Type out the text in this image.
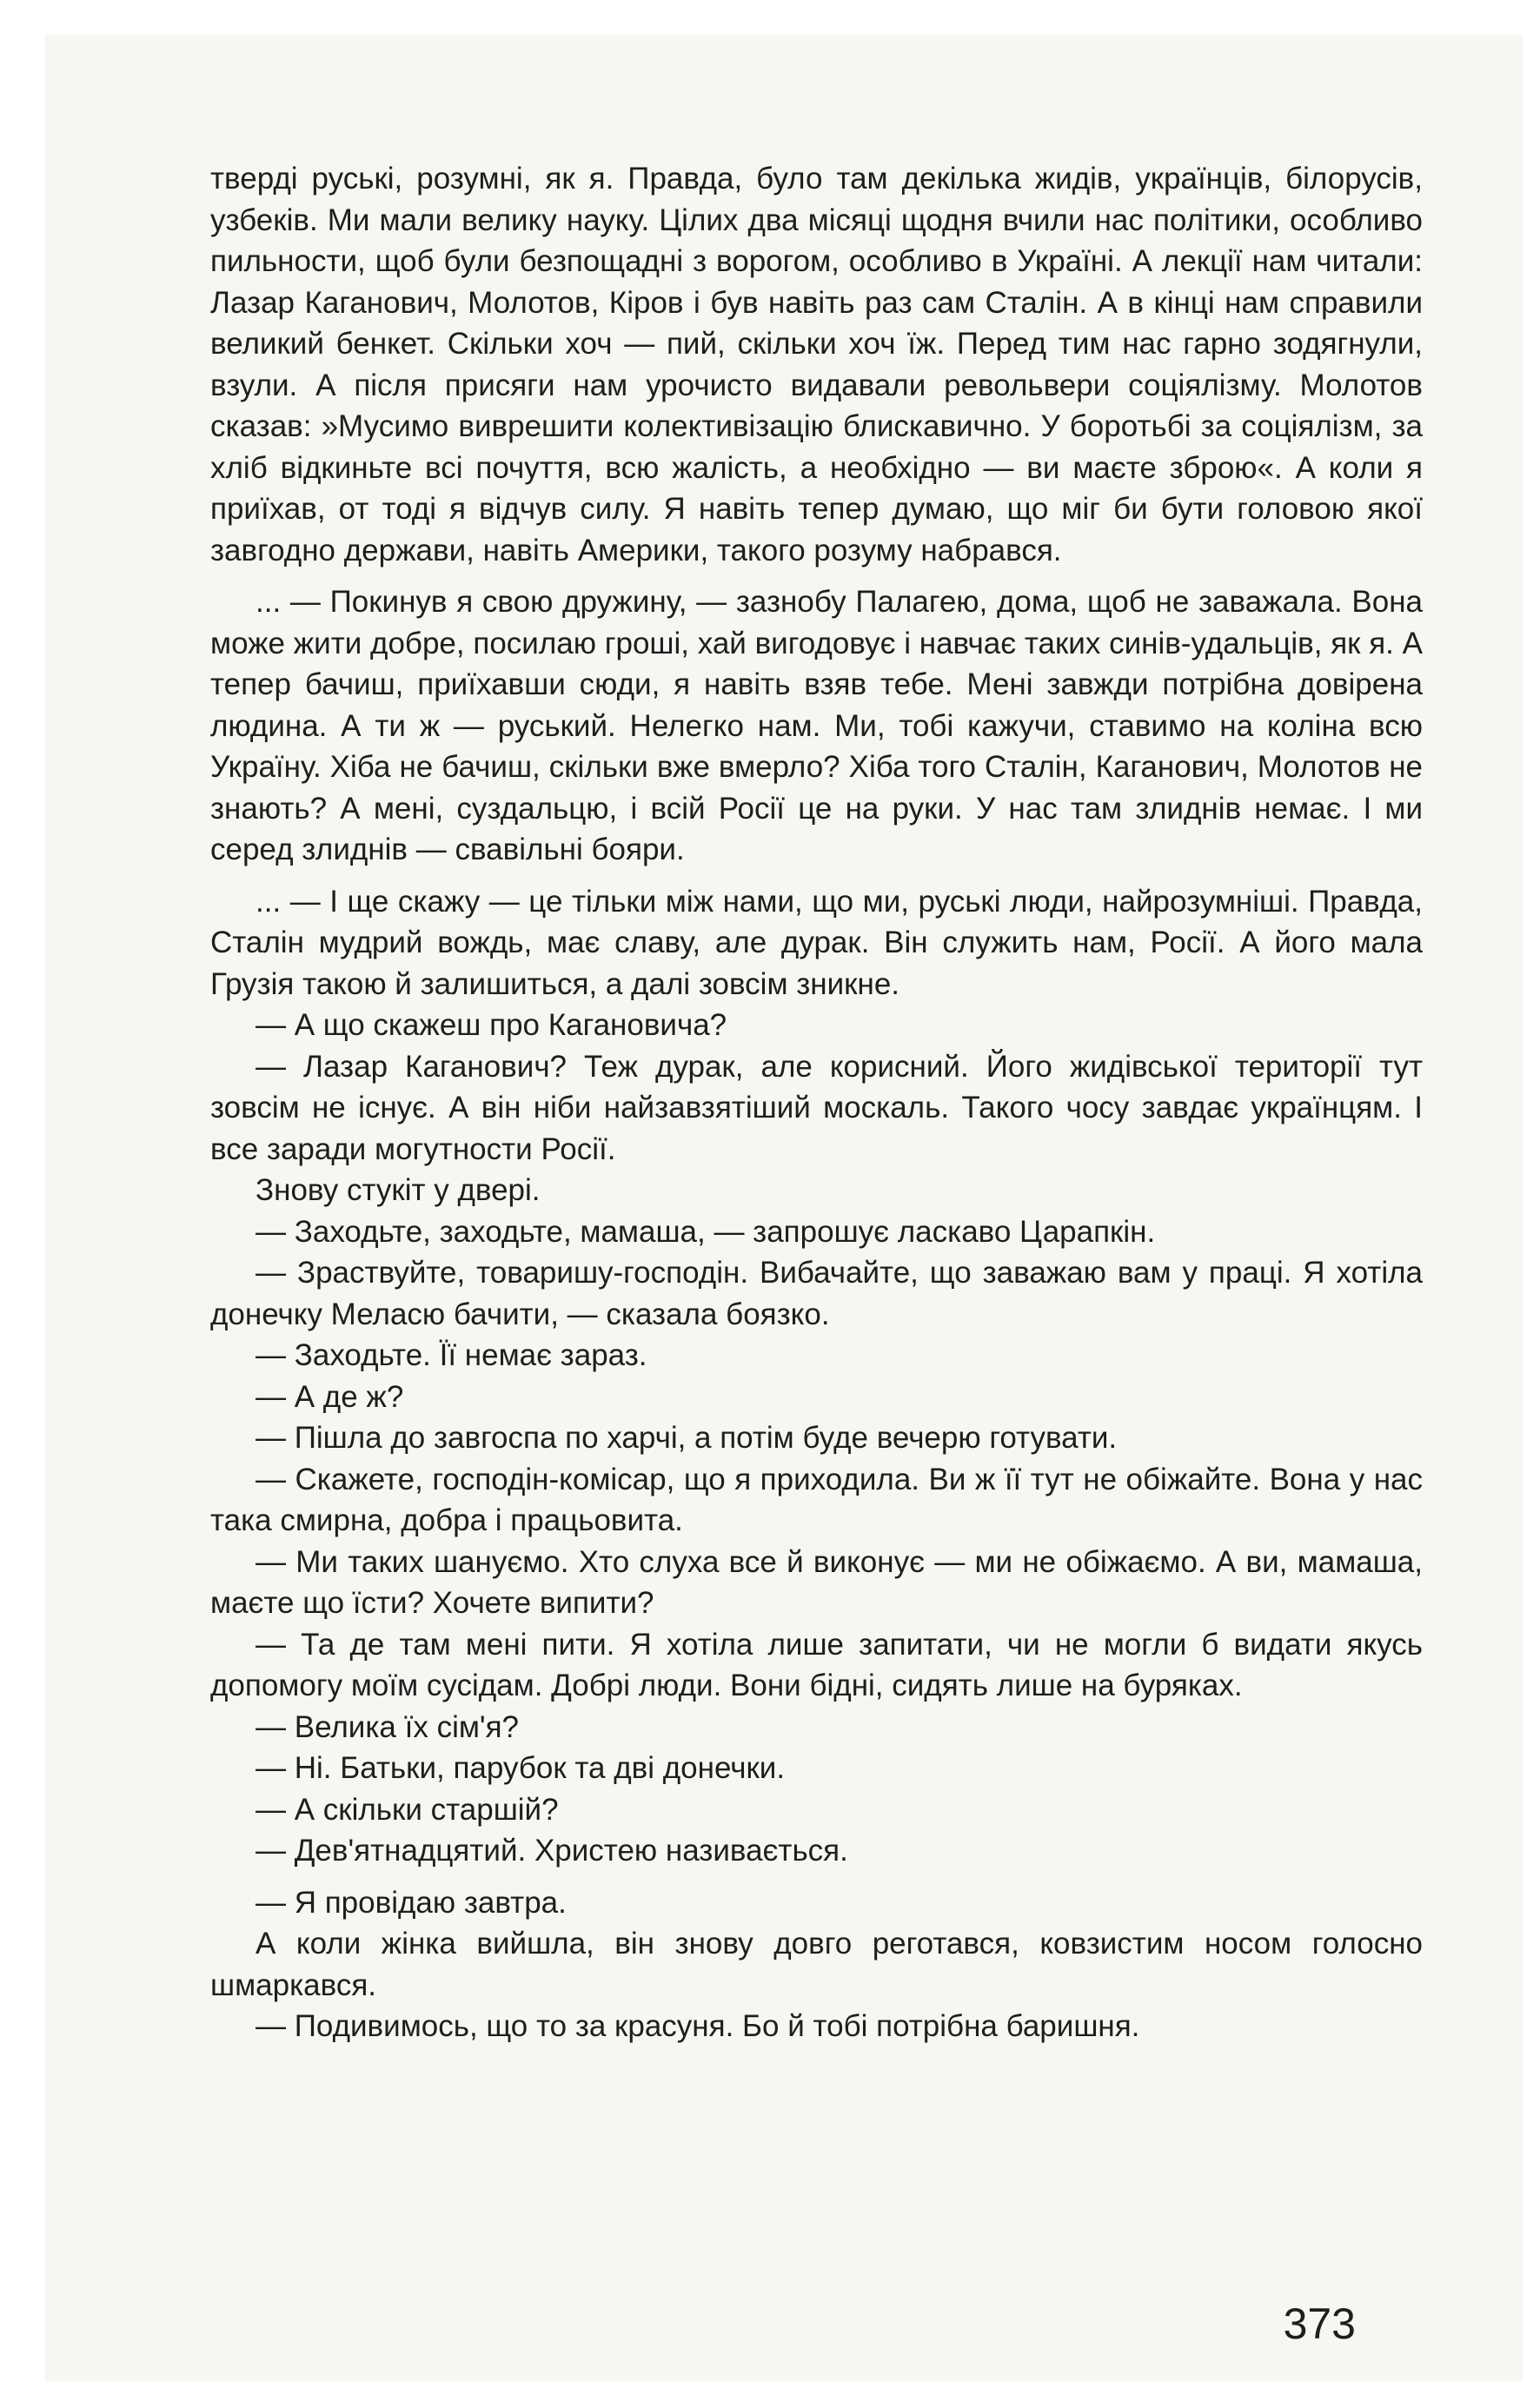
тверді руські, розумні, як я. Правда, було там декілька жидів, українців, білорусів, узбеків. Ми мали велику науку. Цілих два місяці щодня вчили нас політики, особливо пильности, щоб були безпощадні з ворогом, особливо в Україні. А лекції нам читали: Лазар Каганович, Молотов, Кіров і був навіть раз сам Сталін. А в кінці нам справили великий бенкет. Скільки хоч — пий, скільки хоч їж. Перед тим нас гарно зодягнули, взули. А після присяги нам урочисто видавали револьвери соціялізму. Молотов сказав: »Мусимо виврешити колективізацію блискавично. У боротьбі за соціялізм, за хліб відкиньте всі почуття, всю жалість, а необхідно — ви маєте зброю«. А коли я приїхав, от тоді я відчув силу. Я навіть тепер думаю, що міг би бути головою якої завгодно держави, навіть Америки, такого розуму набрався.

... — Покинув я свою дружину, — зазнобу Палагею, дома, щоб не заважала. Вона може жити добре, посилаю гроші, хай вигодовує і навчає таких синів-удальців, як я. А тепер бачиш, приїхавши сюди, я навіть взяв тебе. Мені завжди потрібна довірена людина. А ти ж — руський. Нелегко нам. Ми, тобі кажучи, ставимо на коліна всю Україну. Хіба не бачиш, скільки вже вмерло? Хіба того Сталін, Каганович, Молотов не знають? А мені, суздальцю, і всій Росії це на руки. У нас там злиднів немає. І ми серед злиднів — свавільні бояри.

... — І ще скажу — це тільки між нами, що ми, руські люди, найрозумніші. Правда, Сталін мудрий вождь, має славу, але дурак. Він служить нам, Росії. А його мала Грузія такою й залишиться, а далі зовсім зникне.

— А що скажеш про Кагановича?

— Лазар Каганович? Теж дурак, але корисний. Його жидівської території тут зовсім не існує. А він ніби найзавзятіший москаль. Такого чосу завдає українцям. І все заради могутности Росії.

Знову стукіт у двері.

— Заходьте, заходьте, мамаша, — запрошує ласкаво Царапкін.

— Зраствуйте, товаришу-господін. Вибачайте, що заважаю вам у праці. Я хотіла донечку Меласю бачити, — сказала боязко.

— Заходьте. Її немає зараз.

— А де ж?

— Пішла до завгоспа по харчі, а потім буде вечерю готувати.

— Скажете, господін-комісар, що я приходила. Ви ж її тут не обіжайте. Вона у нас така смирна, добра і працьовита.

— Ми таких шануємо. Хто слуха все й виконує — ми не обіжаємо. А ви, мамаша, маєте що їсти? Хочете випити?

— Та де там мені пити. Я хотіла лише запитати, чи не могли б видати якусь допомогу моїм сусідам. Добрі люди. Вони бідні, сидять лише на буряках.

— Велика їх сім'я?

— Ні. Батьки, парубок та дві донечки.

— А скільки старшій?

— Дев'ятнадцятий. Христею називається.

— Я провідаю завтра.

А коли жінка вийшла, він знову довго реготався, ковзистим носом голосно шмаркався.

— Подивимось, що то за красуня. Бо й тобі потрібна баришня.

373
